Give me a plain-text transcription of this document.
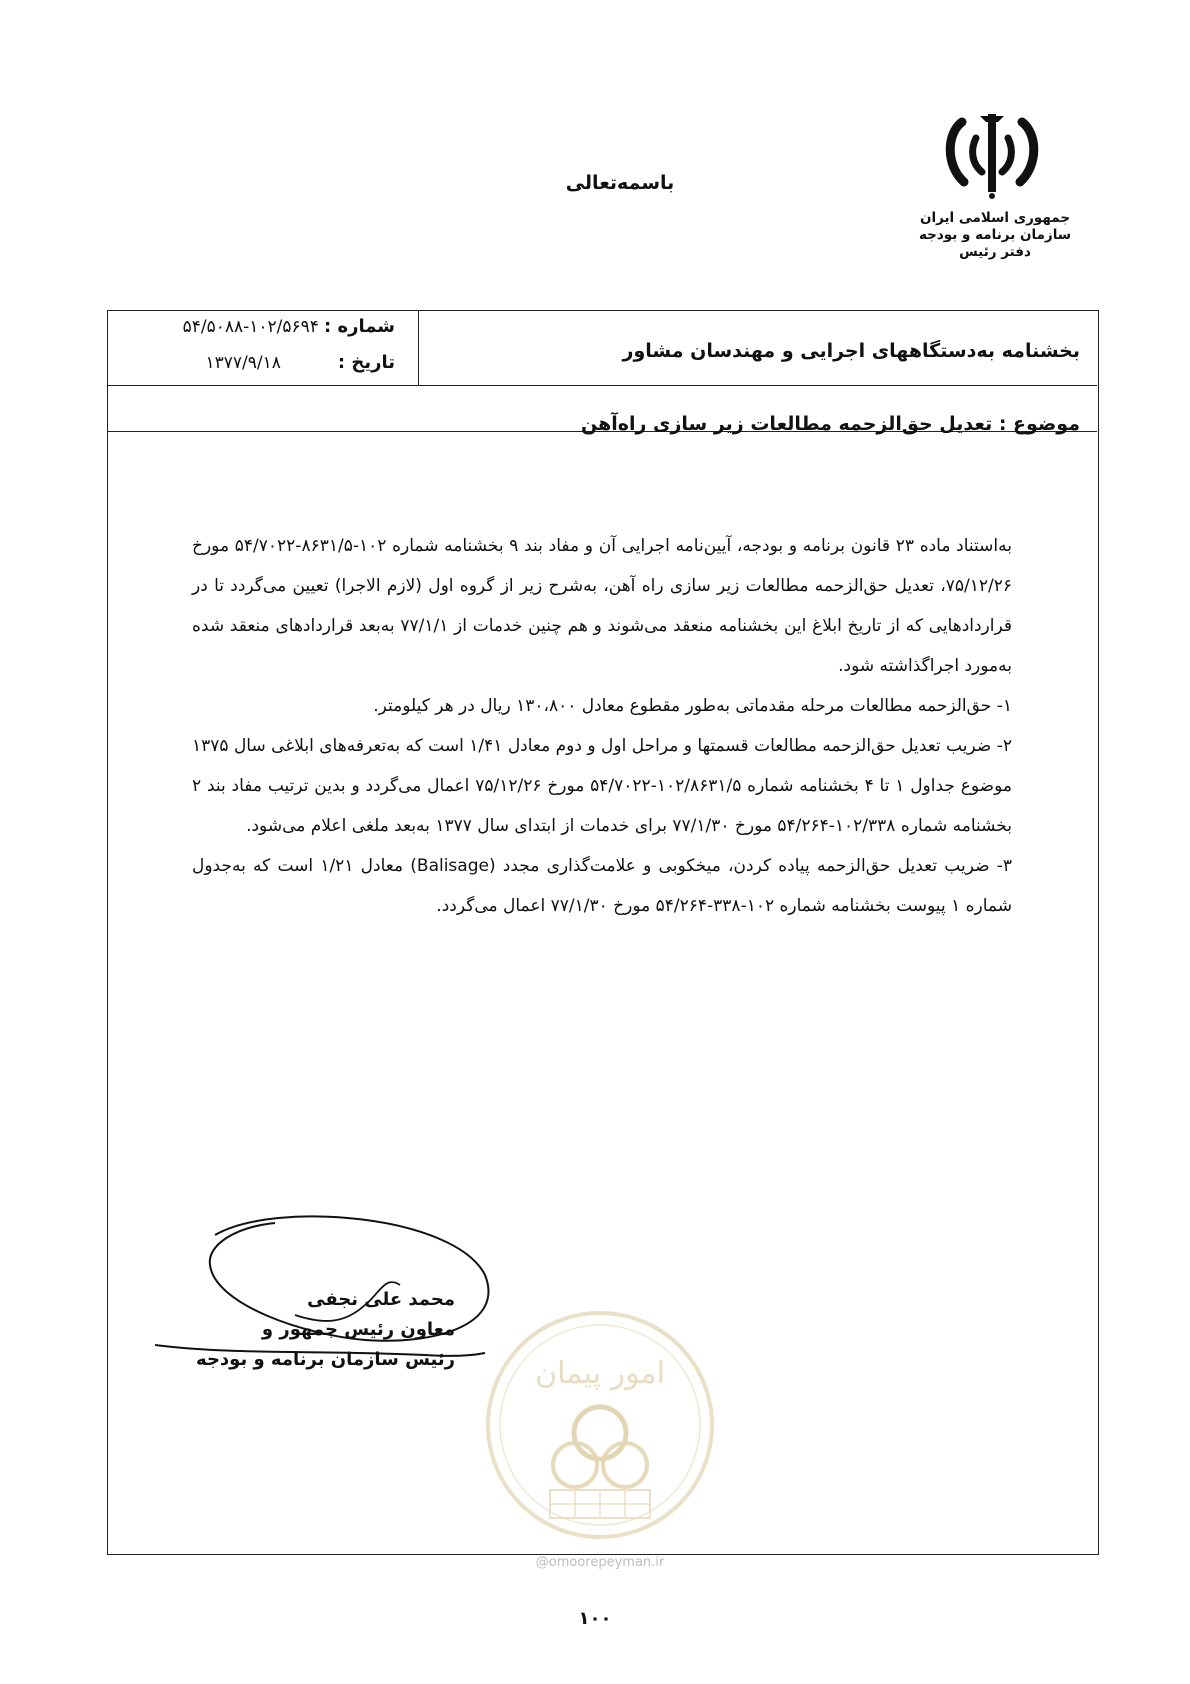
باسمه‌تعالی
جمهوری اسلامی ایران
سازمان برنامه و بودجه
دفتر رئیس
بخشنامه به‌دستگاههای اجرایی و مهندسان مشاور
شماره : ۱۰۲/۵۶۹۴-۵۴/۵۰۸۸
تاریخ : ۱۳۷۷/۹/۱۸
موضوع : تعدیل حق‌الزحمه مطالعات زیر سازی راه‌آهن

به‌استناد ماده ۲۳ قانون برنامه و بودجه، آیین‌نامه اجرایی آن و مفاد بند ۹ بخشنامه شماره ۱۰۲-۸۶۳۱/۵-۵۴/۷۰۲۲ مورخ ۷۵/۱۲/۲۶، تعدیل حق‌الزحمه مطالعات زیر سازی راه آهن، به‌شرح زیر از گروه اول (لازم الاجرا) تعیین می‌گردد تا در قراردادهایی که از تاریخ ابلاغ این بخشنامه منعقد می‌شوند و هم چنین خدمات از ۷۷/۱/۱ به‌بعد قراردادهای منعقد شده به‌مورد اجراگذاشته شود.

۱- حق‌الزحمه مطالعات مرحله مقدماتی به‌طور مقطوع معادل ۱۳۰،۸۰۰ ریال در هر کیلومتر.

۲- ضریب تعدیل حق‌الزحمه مطالعات قسمتها و مراحل اول و دوم معادل ۱/۴۱ است که به‌تعرفه‌های ابلاغی سال ۱۳۷۵ موضوع جداول ۱ تا ۴ بخشنامه شماره ۱۰۲/۸۶۳۱/۵-۵۴/۷۰۲۲ مورخ ۷۵/۱۲/۲۶ اعمال می‌گردد و بدین ترتیب مفاد بند ۲ بخشنامه شماره ۱۰۲/۳۳۸-۵۴/۲۶۴ مورخ ۷۷/۱/۳۰ برای خدمات از ابتدای سال ۱۳۷۷ به‌بعد ملغی اعلام می‌شود.

۳- ضریب تعدیل حق‌الزحمه پیاده کردن، میخکوبی و علامت‌گذاری مجدد (Balisage) معادل ۱/۲۱ است که به‌جدول شماره ۱ پیوست بخشنامه شماره ۱۰۲-۳۳۸-۵۴/۲۶۴ مورخ ۷۷/۱/۳۰ اعمال می‌گردد.

محمد علی نجفی
معاون رئیس جمهور و
رئیس سازمان برنامه و بودجه	امور پیمان
@omoorepeyman.ir
۱۰۰
